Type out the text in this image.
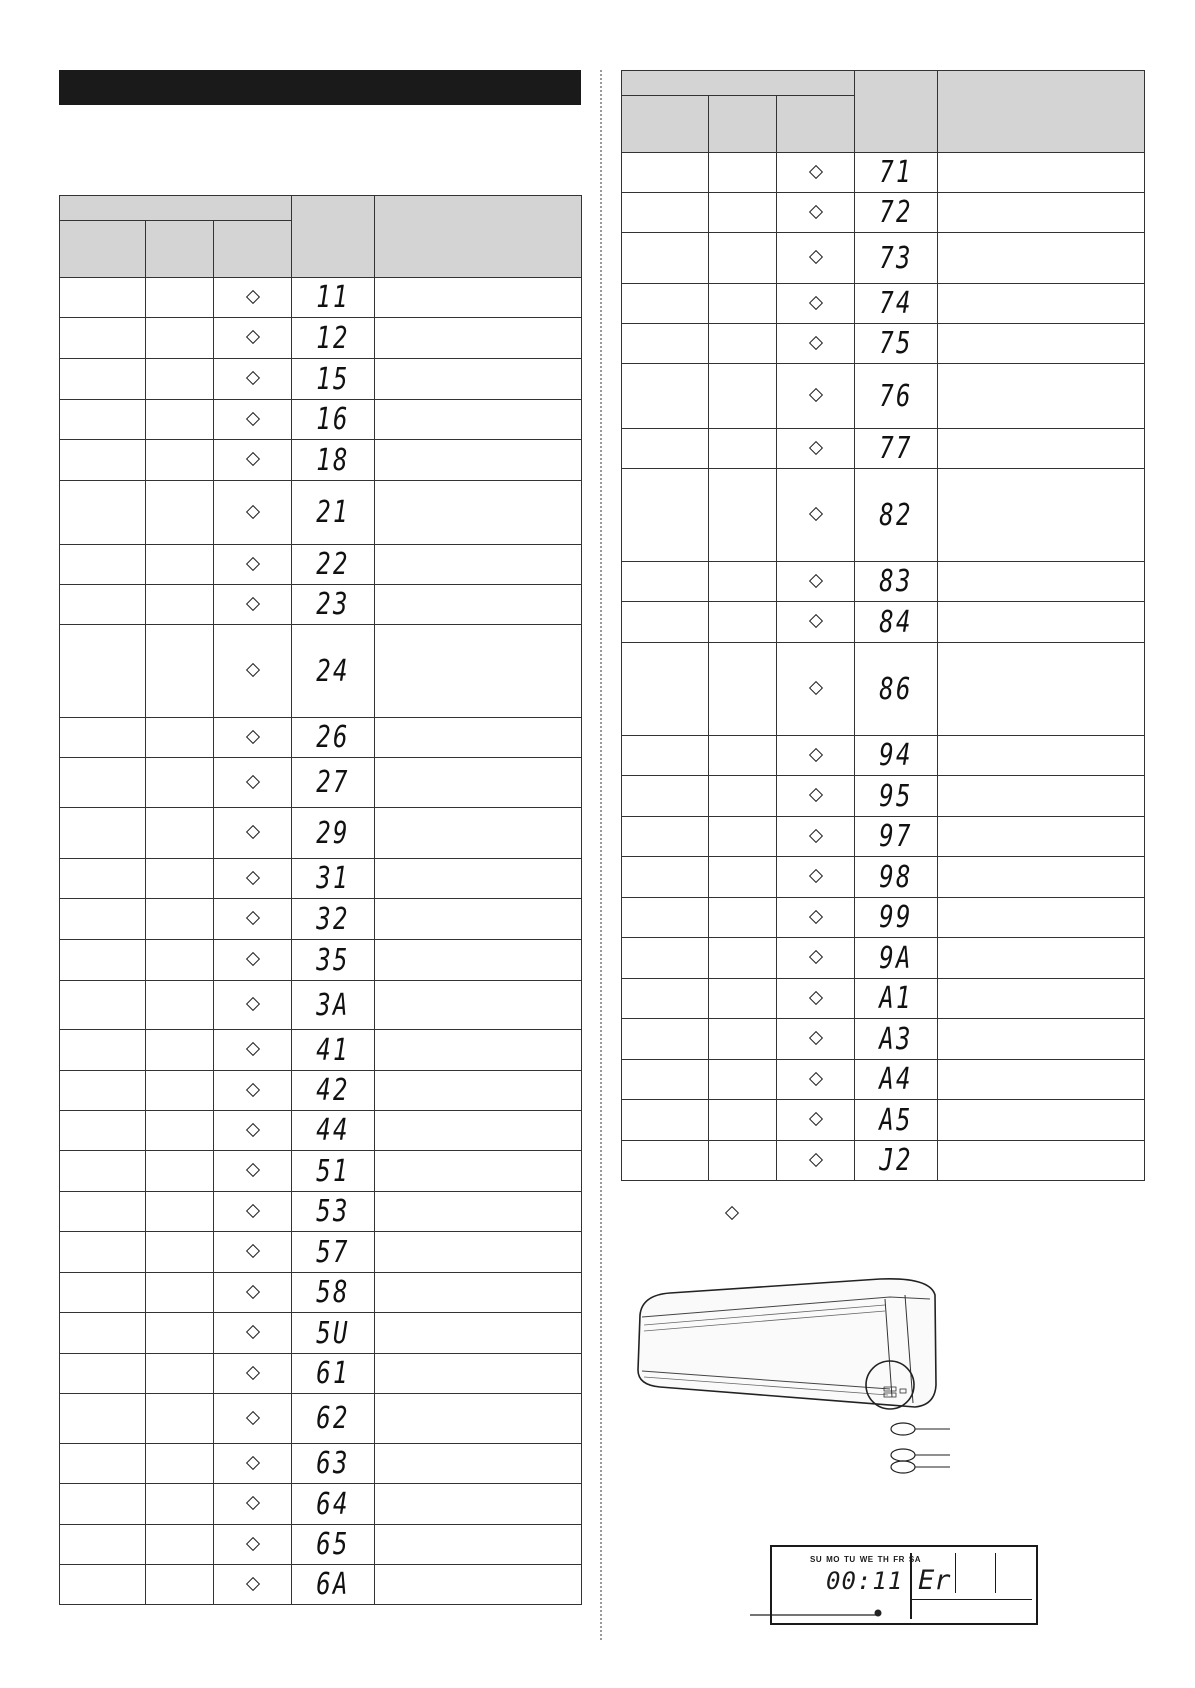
			11	
			12	
			15	
			16	
			18	
			21	
			22	
			23	
			24	
			26	
			27	
			29	
			31	
			32	
			35	
			3A	
			41	
			42	
			44	
			51	
			53	
			57	
			58	
			5U	
			61	
			62	
			63	
			64	
			65	
			6A	

			71	
			72	
			73	
			74	
			75	
			76	
			77	
			82	
			83	
			84	
			86	
			94	
			95	
			97	
			98	
			99	
			9A	
			A1	
			A3	
			A4	
			A5	
			J2	
SU MO TU WE TH FR SA
00:11 Er
